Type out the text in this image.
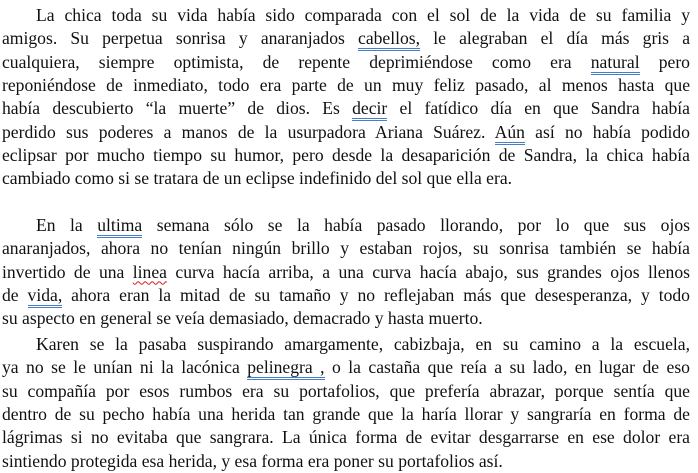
La chica toda su vida había sido comparada con el sol de la vida de su familia y
amigos. Su perpetua sonrisa y anaranjados cabellos, le alegraban el día más gris a
cualquiera, siempre optimista, de repente deprimiéndose como era natural pero
reponiéndose de inmediato, todo era parte de un muy feliz pasado, al menos hasta que
había descubierto “la muerte” de dios. Es decir el fatídico día en que Sandra había
perdido sus poderes a manos de la usurpadora Ariana Suárez. Aún así no había podido
eclipsar por mucho tiempo su humor, pero desde la desaparición de Sandra, la chica había
cambiado como si se tratara de un eclipse indefinido del sol que ella era.
En la ultima semana sólo se la había pasado llorando, por lo que sus ojos
anaranjados, ahora no tenían ningún brillo y estaban rojos, su sonrisa también se había
invertido de una linea curva hacía arriba, a una curva hacía abajo, sus grandes ojos llenos
de vida, ahora eran la mitad de su tamaño y no reflejaban más que desesperanza, y todo
su aspecto en general se veía demasiado, demacrado y hasta muerto.
Karen se la pasaba suspirando amargamente, cabizbaja, en su camino a la escuela,
ya no se le unían ni la lacónica pelinegra , o la castaña que reía a su lado, en lugar de eso
su compañía por esos rumbos era su portafolios, que prefería abrazar, porque sentía que
dentro de su pecho había una herida tan grande que la haría llorar y sangraría en forma de
lágrimas si no evitaba que sangrara. La única forma de evitar desgarrarse en ese dolor era
sintiendo protegida esa herida, y esa forma era poner su portafolios así.
